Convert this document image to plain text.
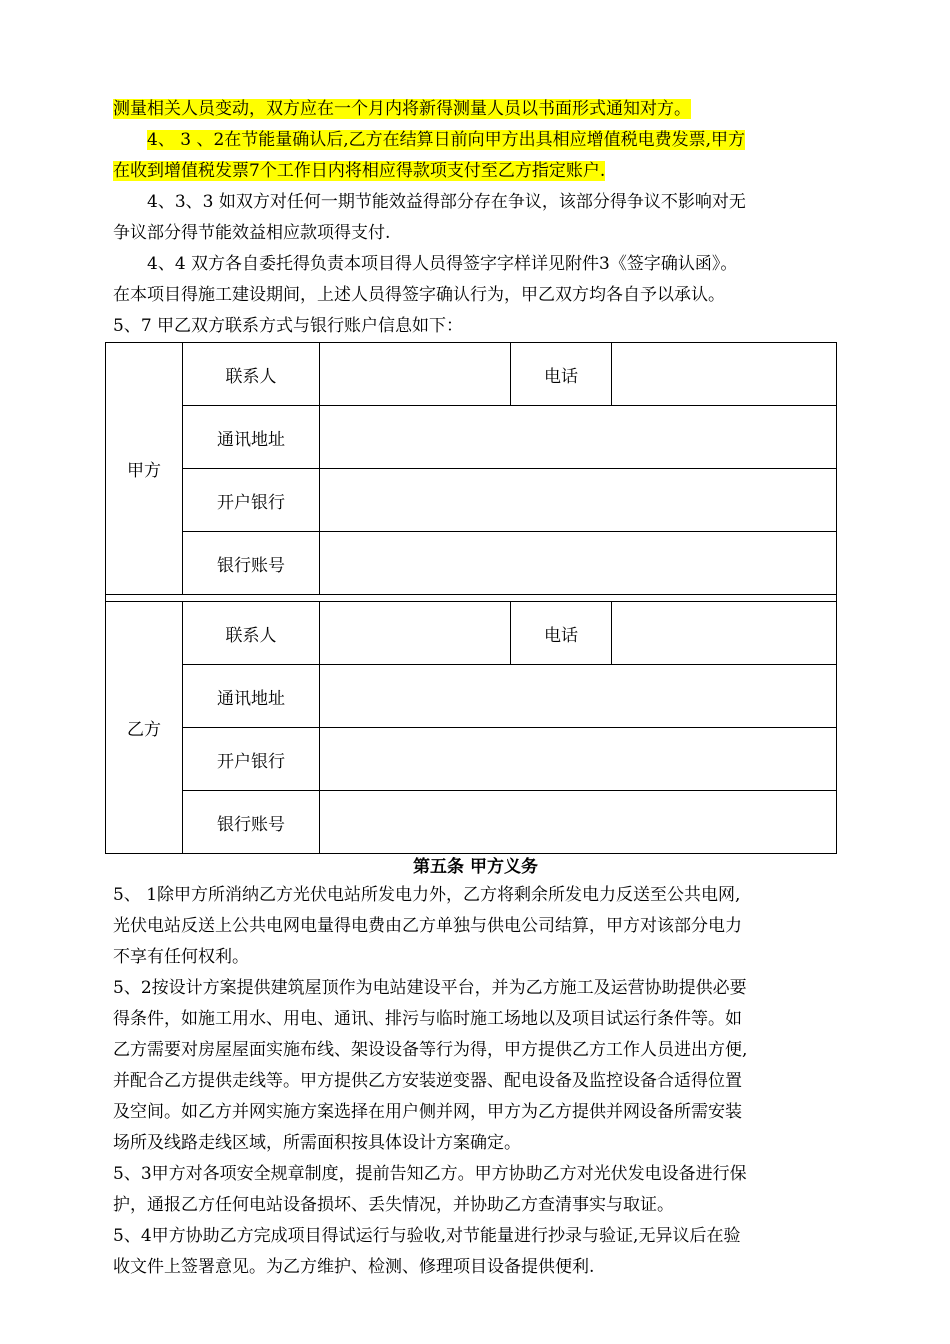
测量相关人员变动，双方应在一个月内将新得测量人员以书面形式通知对方。
4、 3 、2在节能量确认后,乙方在结算日前向甲方出具相应增值税电费发票,甲方
在收到增值税发票7个工作日内将相应得款项支付至乙方指定账户.
4、3、3 如双方对任何一期节能效益得部分存在争议，该部分得争议不影响对无
争议部分得节能效益相应款项得支付.
4、4 双方各自委托得负责本项目得人员得签字字样详见附件3《签字确认函》。
在本项目得施工建设期间，上述人员得签字确认行为，甲乙双方均各自予以承认。
5、7 甲乙双方联系方式与银行账户信息如下：
甲方	联系人		电话	
	通讯地址			
	开户银行			
	银行账号			

乙方	联系人		电话	
	通讯地址			
	开户银行			
	银行账号			
第五条 甲方义务
5、 1除甲方所消纳乙方光伏电站所发电力外，乙方将剩余所发电力反送至公共电网,
光伏电站反送上公共电网电量得电费由乙方单独与供电公司结算，甲方对该部分电力
不享有任何权利。
5、2按设计方案提供建筑屋顶作为电站建设平台，并为乙方施工及运营协助提供必要
得条件，如施工用水、用电、通讯、排污与临时施工场地以及项目试运行条件等。如
乙方需要对房屋屋面实施布线、架设设备等行为得，甲方提供乙方工作人员进出方便,
并配合乙方提供走线等。甲方提供乙方安装逆变器、配电设备及监控设备合适得位置
及空间。如乙方并网实施方案选择在用户侧并网，甲方为乙方提供并网设备所需安装
场所及线路走线区域，所需面积按具体设计方案确定。
5、3甲方对各项安全规章制度，提前告知乙方。甲方协助乙方对光伏发电设备进行保
护，通报乙方任何电站设备损坏、丢失情况，并协助乙方查清事实与取证。
5、4甲方协助乙方完成项目得试运行与验收,对节能量进行抄录与验证,无异议后在验
收文件上签署意见。为乙方维护、检测、修理项目设备提供便利.
